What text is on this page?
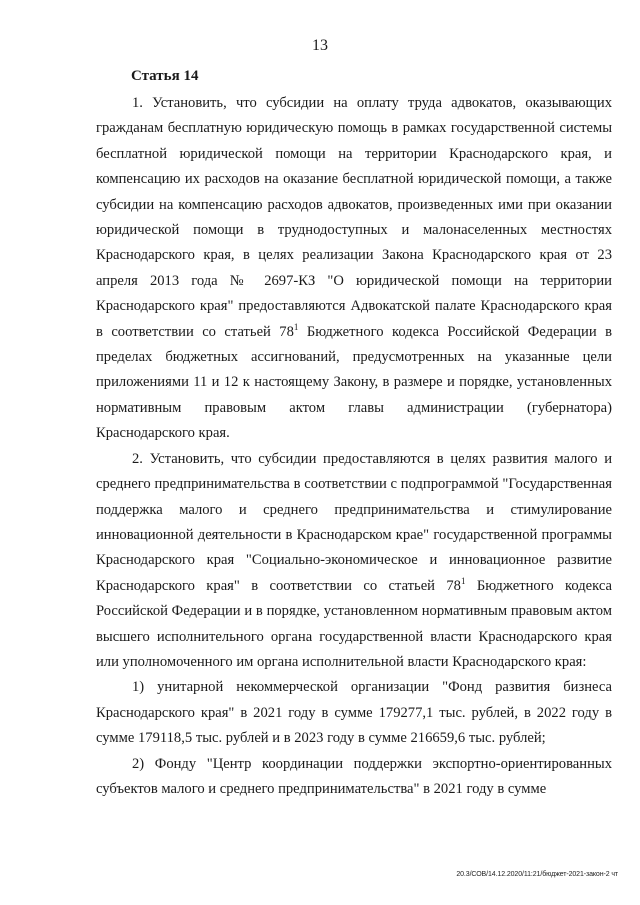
13
Статья 14

1. Установить, что субсидии на оплату труда адвокатов, оказывающих гражданам бесплатную юридическую помощь в рамках государственной системы бесплатной юридической помощи на территории Краснодарского края, и компенсацию их расходов на оказание бесплатной юридической помощи, а также субсидии на компенсацию расходов адвокатов, произведенных ими при оказании юридической помощи в труднодоступных и малонаселенных местностях Краснодарского края, в целях реализации Закона Краснодарского края от 23 апреля 2013 года № 2697-КЗ "О юридической помощи на территории Краснодарского края" предоставляются Адвокатской палате Краснодарского края в соответствии со статьей $78^1$ Бюджетного кодекса Российской Федерации в пределах бюджетных ассигнований, предусмотренных на указанные цели приложениями 11 и 12 к настоящему Закону, в размере и порядке, установленных нормативным правовым актом главы администрации (губернатора) Краснодарского края.

2. Установить, что субсидии предоставляются в целях развития малого и среднего предпринимательства в соответствии с подпрограммой "Государственная поддержка малого и среднего предпринимательства и стимулирование инновационной деятельности в Краснодарском крае" государственной программы Краснодарского края "Социально-экономическое и инновационное развитие Краснодарского края" в соответствии со статьей $78^1$ Бюджетного кодекса Российской Федерации и в порядке, установленном нормативным правовым актом высшего исполнительного органа государственной власти Краснодарского края или уполномоченного им органа исполнительной власти Краснодарского края:

1) унитарной некоммерческой организации "Фонд развития бизнеса Краснодарского края" в 2021 году в сумме 179277,1 тыс. рублей, в 2022 году в сумме 179118,5 тыс. рублей и в 2023 году в сумме 216659,6 тыс. рублей;

2) Фонду "Центр координации поддержки экспортно-ориентированных субъектов малого и среднего предпринимательства" в 2021 году в сумме

20.3/СОВ/14.12.2020/11:21/бюджет-2021-закон-2 чт
